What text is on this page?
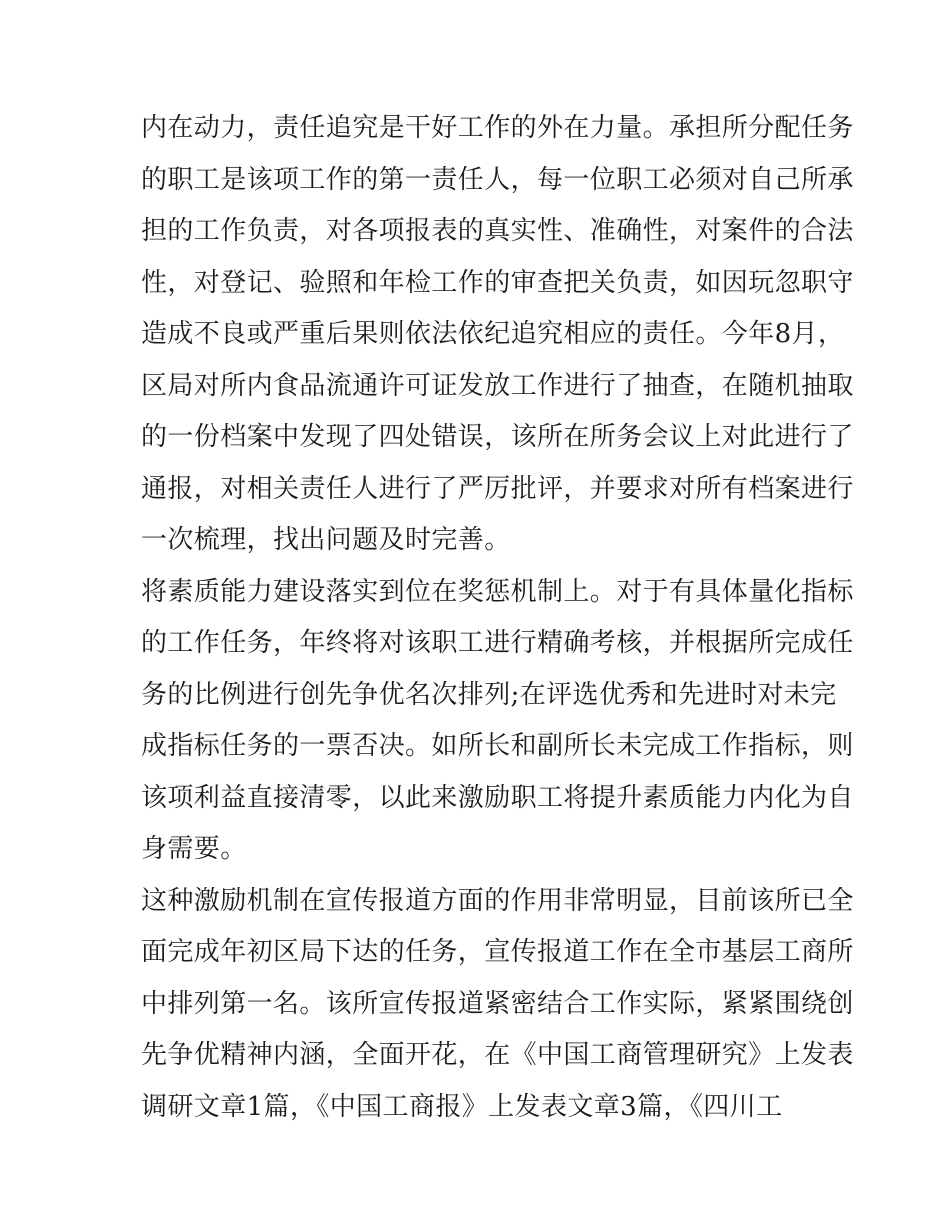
内在动力，责任追究是干好工作的外在力量。承担所分配任务
的职工是该项工作的第一责任人，每一位职工必须对自己所承
担的工作负责，对各项报表的真实性、准确性，对案件的合法
性，对登记、验照和年检工作的审查把关负责，如因玩忽职守
造成不良或严重后果则依法依纪追究相应的责任。今年8月，
区局对所内食品流通许可证发放工作进行了抽查，在随机抽取
的一份档案中发现了四处错误，该所在所务会议上对此进行了
通报，对相关责任人进行了严厉批评，并要求对所有档案进行
一次梳理，找出问题及时完善。
将素质能力建设落实到位在奖惩机制上。对于有具体量化指标
的工作任务，年终将对该职工进行精确考核，并根据所完成任
务的比例进行创先争优名次排列;在评选优秀和先进时对未完
成指标任务的一票否决。如所长和副所长未完成工作指标，则
该项利益直接清零，以此来激励职工将提升素质能力内化为自
身需要。
这种激励机制在宣传报道方面的作用非常明显，目前该所已全
面完成年初区局下达的任务，宣传报道工作在全市基层工商所
中排列第一名。该所宣传报道紧密结合工作实际，紧紧围绕创
先争优精神内涵，全面开花，在《中国工商管理研究》上发表
调研文章1篇，《中国工商报》上发表文章3篇，《四川工
